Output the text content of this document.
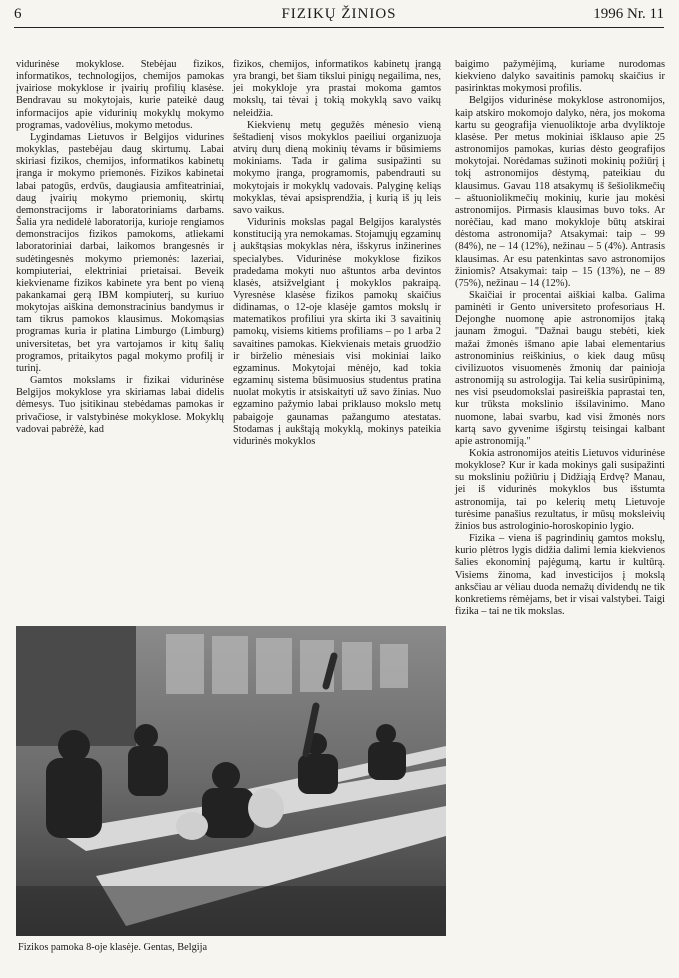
6	FIZIKŲ ŽINIOS	1996 Nr. 11

vidurinėse mokyklose. Stebėjau fizikos, informatikos, technologijos, chemijos pamokas įvairiose mokyklose ir įvairių profilių klasėse. Bendravau su mokytojais, kurie pateikė daug informacijos apie vidurinių mokyklų mokymo programas, vadovėlius, mokymo metodus.

Lygindamas Lietuvos ir Belgijos vidurines mokyklas, pastebėjau daug skirtumų. Labai skiriasi fizikos, chemijos, informatikos kabinetų įranga ir mokymo priemonės. Fizikos kabinetai labai patogūs, erdvūs, daugiausia amfiteatriniai, daug įvairių mokymo priemonių, skirtų demonstracijoms ir laboratoriniams darbams. Šalia yra nedidelė laboratorija, kurioje rengiamos demonstracijos fizikos pamokoms, atliekami laboratoriniai darbai, laikomos brangesnės ir sudėtingesnės mokymo priemonės: lazeriai, kompiuteriai, elektriniai prietaisai. Beveik kiekviename fizikos kabinete yra bent po vieną pakankamai gerą IBM kompiuterį, su kuriuo mokytojas aiškina demonstracinius bandymus ir tam tikrus pamokos klausimus. Mokomąsias programas kuria ir platina Limburgo (Limburg) universitetas, bet yra vartojamos ir kitų šalių programos, pritaikytos pagal mokymo profilį ir turinį.

Gamtos mokslams ir fizikai vidurinėse Belgijos mokyklose yra skiriamas labai didelis dėmesys. Tuo įsitikinau stebėdamas pamokas ir privačiose, ir valstybinėse mokyklose. Mokyklų vadovai pabrėžė, kad

fizikos, chemijos, informatikos kabinetų įrangą yra brangi, bet šiam tikslui pinigų negailima, nes, jei mokykloje yra prastai mokoma gamtos mokslų, tai tėvai į tokią mokyklą savo vaikų neleidžia.

Kiekvienų metų gegužės mėnesio vieną šeštadienį visos mokyklos paeiliui organizuoja atvirų durų dieną mokinių tėvams ir būsimiems mokiniams. Tada ir galima susipažinti su mokymo įranga, programomis, pabendrauti su mokytojais ir mokyklų vadovais. Palyginę keliąs mokyklas, tėvai apsisprendžia, į kurią iš jų leis savo vaikus.

Vidurinis mokslas pagal Belgijos karalystės konstituciją yra nemokamas. Stojamųjų egzaminų į aukštąsias mokyklas nėra, išskyrus inžinerines specialybes. Vidurinėse mokyklose fizikos pradedama mokyti nuo aštuntos arba devintos klasės, atsižvelgiant į mokyklos pakraipą. Vyresnėse klasėse fizikos pamokų skaičius didinamas, o 12-oje klasėje gamtos mokslų ir matematikos profiliui yra skirta iki 3 savaitinių pamokų, visiems kitiems profiliams – po 1 arba 2 savaitines pamokas. Kiekvienais metais gruodžio ir birželio mėnesiais visi mokiniai laiko egzaminus. Mokytojai mėnėjo, kad tokia egzaminų sistema būsimuosius studentus pratina nuolat mokytis ir atsiskaityti už savo žinias. Nuo egzamino pažymio labai priklauso mokslo metų pabaigoje gaunamas pažangumo atestatas. Stodamas į aukštąją mokyklą, mokinys pateikia vidurinės mokyklos

baigimo pažymėjimą, kuriame nurodomas kiekvieno dalyko savaitinis pamokų skaičius ir pasirinktas mokymosi profilis.

Belgijos vidurinėse mokyklose astronomijos, kaip atskiro mokomojo dalyko, nėra, jos mokoma kartu su geografija vienuoliktoje arba dvyliktoje klasėse. Per metus mokiniai išklauso apie 25 astronomijos pamokas, kurias dėsto geografijos mokytojai. Norėdamas sužinoti mokinių požiūrį į tokį astronomijos dėstymą, pateikiau du klausimus. Gavau 118 atsakymų iš šešiolikmečių – aštuoniolikmečių mokinių, kurie jau mokėsi astronomijos. Pirmasis klausimas buvo toks. Ar norėčiau, kad mano mokykloje būtų atskirai dėstoma astronomija? Atsakymai: taip – 99 (84%), ne – 14 (12%), nežinau – 5 (4%). Antrasis klausimas. Ar esu patenkintas savo astronomijos žiniomis? Atsakymai: taip – 15 (13%), ne – 89 (75%), nežinau – 14 (12%).

Skaičiai ir procentai aiškiai kalba. Galima paminėti ir Gento universiteto profesoriaus H. Dejonghe nuomonę apie astronomijos įtaką jaunam žmogui. "Dažnai baugu stebėti, kiek mažai žmonės išmano apie labai elementarius astronominius reiškinius, o kiek daug mūsų civilizuotos visuomenės žmonių dar painioja astronomiją su astrologija. Tai kelia susirūpinimą, nes visi pseudomokslai pasireiškia paprastai ten, kur trūksta mokslinio išsilavinimo. Mano nuomone, labai svarbu, kad visi žmonės nors kartą savo gyvenime išgirstų teisingai kalbant apie astronomiją."

Kokia astronomijos ateitis Lietuvos vidurinėse mokyklose? Kur ir kada mokinys gali susipažinti su moksliniu požiūriu į Didžiąją Erdvę? Manau, jei iš vidurinės mokyklos bus išstumta astronomija, tai po kelerių metų Lietuvoje turėsime panašius rezultatus, ir mūsų moksleivių žinios bus astrologinio-horoskopinio lygio.

Fizika – viena iš pagrindinių gamtos mokslų, kurio plėtros lygis didžia dalimi lemia kiekvienos šalies ekonominį pajėgumą, kartu ir kultūrą. Visiems žinoma, kad investicijos į mokslą anksčiau ar vėliau duoda nemažų dividendų ne tik konkretiems rėmėjams, bet ir visai valstybei. Taigi fizika – tai ne tik mokslas.

Fizikos pamoka 8-oje klasėje. Gentas, Belgija
